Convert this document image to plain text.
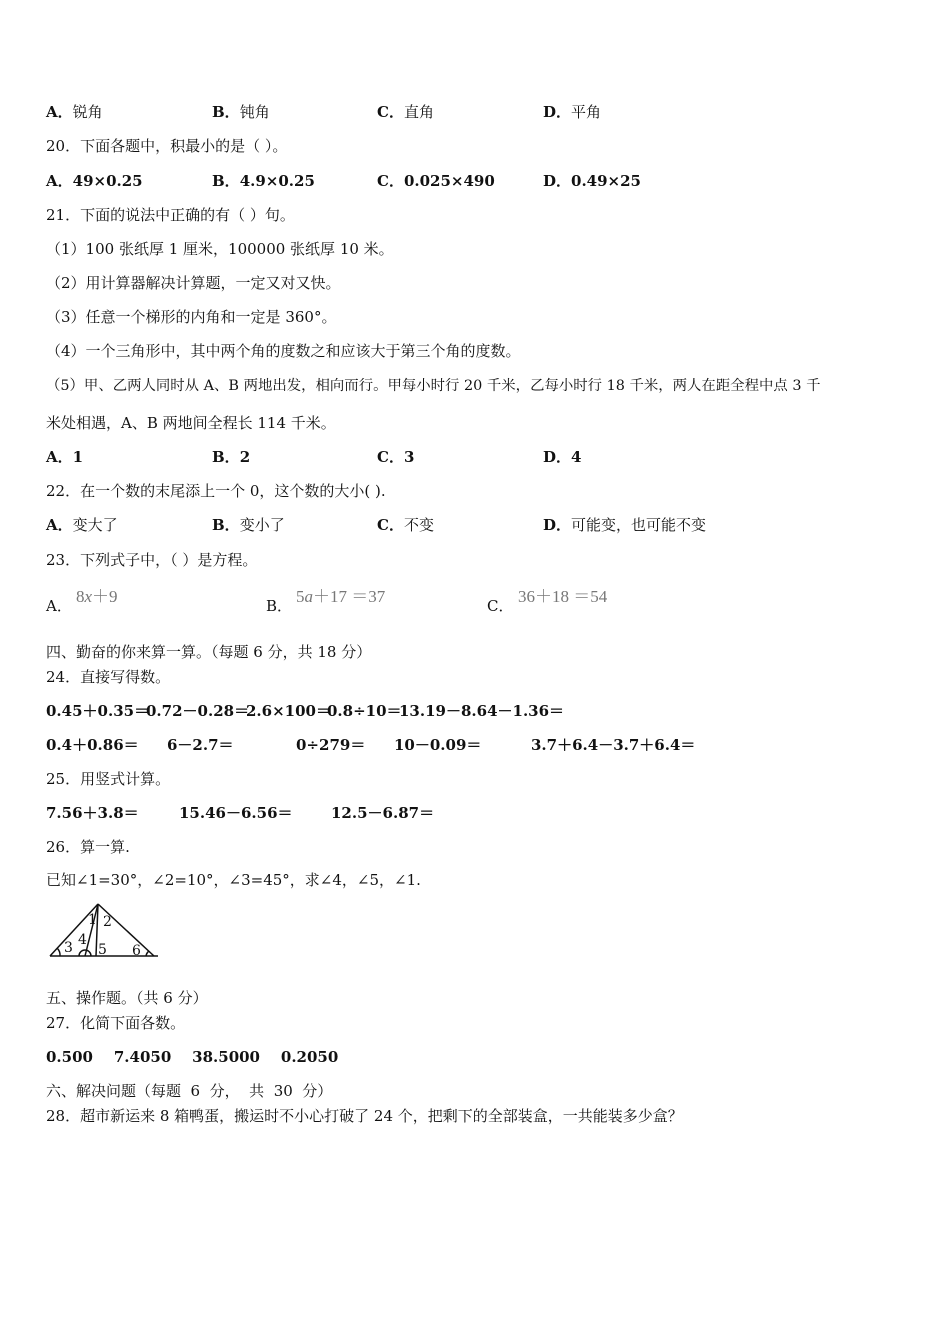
A．锐角	B．钝角	C．直角	D．平角
20．下面各题中，积最小的是（ ）。
A．49×0.25	B．4.9×0.25	C．0.025×490	D．0.49×25
21．下面的说法中正确的有（ ）句。
（1）100 张纸厚 1 厘米，100000 张纸厚 10 米。
（2）用计算器解决计算题，一定又对又快。
（3）任意一个梯形的内角和一定是 360°。
（4）一个三角形中，其中两个角的度数之和应该大于第三个角的度数。
（5）甲、乙两人同时从 A、B 两地出发，相向而行。甲每小时行 20 千米，乙每小时行 18 千米，两人在距全程中点 3 千
米处相遇，A、B 两地间全程长 114 千米。
A．1	B．2	C．3	D．4
22．在一个数的末尾添上一个 0，这个数的大小( ).
A．变大了	B．变小了	C．不变	D．可能变，也可能不变
23．下列式子中，（ ）是方程。
A． 8x＋9	B． 5a＋17 ＝37	C． 36＋18 ＝54
四、勤奋的你来算一算。（每题 6 分，共 18 分）
24．直接写得数。
0.45＋0.35＝
0.72－0.28＝
2.6×100＝
0.8÷10＝
13.19－8.64－1.36＝
0.4＋0.86＝ 6－2.7＝	0÷279＝ 10－0.09＝	3.7＋6.4－3.7＋6.4＝
25．用竖式计算。
7.56＋3.8＝	15.46－6.56＝	12.5－6.87＝
26．算一算.
已知∠1=30°，∠2=10°，∠3=45°，求∠4，∠5，∠1.
1 2
3 4
5 6
五、操作题。（共 6 分）
27．化简下面各数。
0.500    7.4050    38.5000    0.2050
六、解决问题（每题  6  分，  共  30  分）
28．超市新运来 8 箱鸭蛋，搬运时不小心打破了 24 个，把剩下的全部装盒，一共能装多少盒？
